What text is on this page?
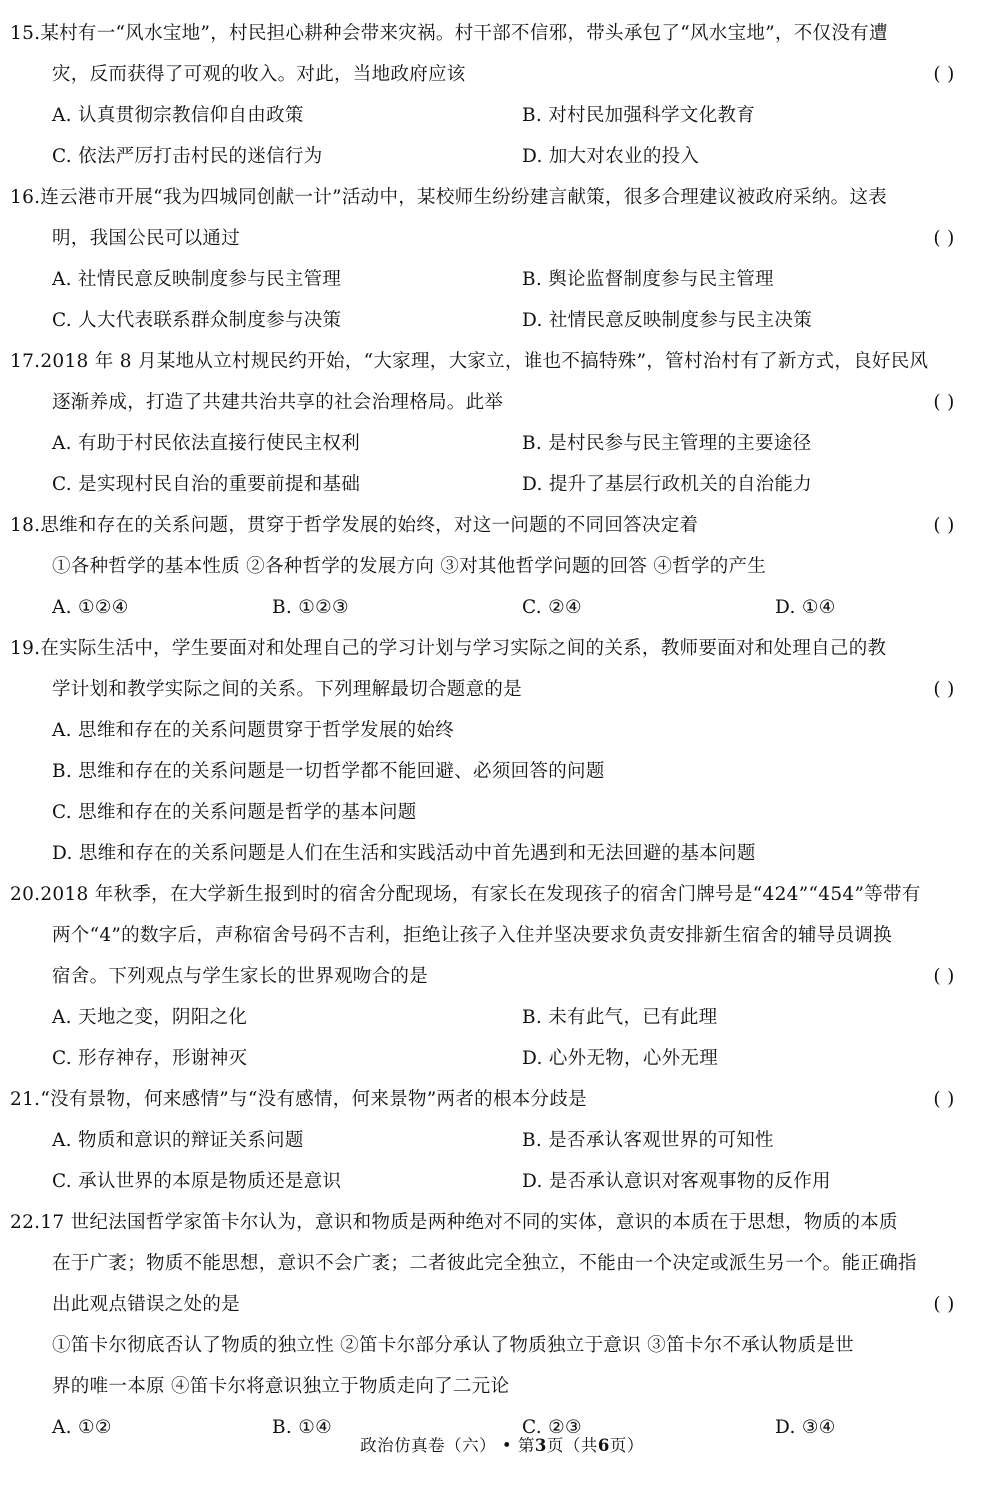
15.某村有一“风水宝地”，村民担心耕种会带来灾祸。村干部不信邪，带头承包了“风水宝地”，不仅没有遭
灾，反而获得了可观的收入。对此，当地政府应该	( )
A. 认真贯彻宗教信仰自由政策	B. 对村民加强科学文化教育
C. 依法严厉打击村民的迷信行为	D. 加大对农业的投入
16.连云港市开展“我为四城同创献一计”活动中，某校师生纷纷建言献策，很多合理建议被政府采纳。这表
明，我国公民可以通过	( )
A. 社情民意反映制度参与民主管理	B. 舆论监督制度参与民主管理
C. 人大代表联系群众制度参与决策	D. 社情民意反映制度参与民主决策
17.2018 年 8 月某地从立村规民约开始，“大家理，大家立，谁也不搞特殊”，管村治村有了新方式，良好民风
逐渐养成，打造了共建共治共享的社会治理格局。此举	( )
A. 有助于村民依法直接行使民主权利	B. 是村民参与民主管理的主要途径
C. 是实现村民自治的重要前提和基础	D. 提升了基层行政机关的自治能力
18.思维和存在的关系问题，贯穿于哲学发展的始终，对这一问题的不同回答决定着	( )
①各种哲学的基本性质 ②各种哲学的发展方向 ③对其他哲学问题的回答 ④哲学的产生
A. ①②④	B. ①②③	C. ②④	D. ①④
19.在实际生活中，学生要面对和处理自己的学习计划与学习实际之间的关系，教师要面对和处理自己的教
学计划和教学实际之间的关系。下列理解最切合题意的是	( )
A. 思维和存在的关系问题贯穿于哲学发展的始终
B. 思维和存在的关系问题是一切哲学都不能回避、必须回答的问题
C. 思维和存在的关系问题是哲学的基本问题
D. 思维和存在的关系问题是人们在生活和实践活动中首先遇到和无法回避的基本问题
20.2018 年秋季，在大学新生报到时的宿舍分配现场，有家长在发现孩子的宿舍门牌号是“424”“454”等带有
两个“4”的数字后，声称宿舍号码不吉利，拒绝让孩子入住并坚决要求负责安排新生宿舍的辅导员调换
宿舍。下列观点与学生家长的世界观吻合的是	( )
A. 天地之变，阴阳之化	B. 未有此气，已有此理
C. 形存神存，形谢神灭	D. 心外无物，心外无理
21.“没有景物，何来感情”与“没有感情，何来景物”两者的根本分歧是	( )
A. 物质和意识的辩证关系问题	B. 是否承认客观世界的可知性
C. 承认世界的本原是物质还是意识	D. 是否承认意识对客观事物的反作用
22.17 世纪法国哲学家笛卡尔认为，意识和物质是两种绝对不同的实体，意识的本质在于思想，物质的本质
在于广袤；物质不能思想，意识不会广袤；二者彼此完全独立，不能由一个决定或派生另一个。能正确指
出此观点错误之处的是	( )
①笛卡尔彻底否认了物质的独立性 ②笛卡尔部分承认了物质独立于意识 ③笛卡尔不承认物质是世
界的唯一本原 ④笛卡尔将意识独立于物质走向了二元论
A. ①②	B. ①④	C. ②③	D. ③④
政治仿真卷（六） • 第3页（共6页）
